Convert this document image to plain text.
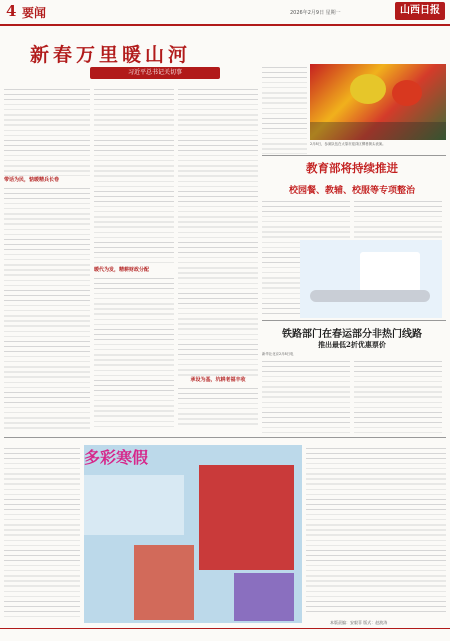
4 要闻	2026年2月9日 星期一	山西日报
新春万里暖山河
习近平总书记关切事
带话为民，惦暖精兵长卷
暖代为发，精耕财政分配
承设为基，坑耕老福丰收
2月8日，参演队伍在太原市迎泽区柳巷街头表演。
教育部将持续推进
校园餐、教辅、校服等专项整治
铁路部门在春运部分非热门线路
推出最低2折优惠票价
新华社北京2月8日电
多彩寒假
本版责编：安毅菲 版式：赵波涛
